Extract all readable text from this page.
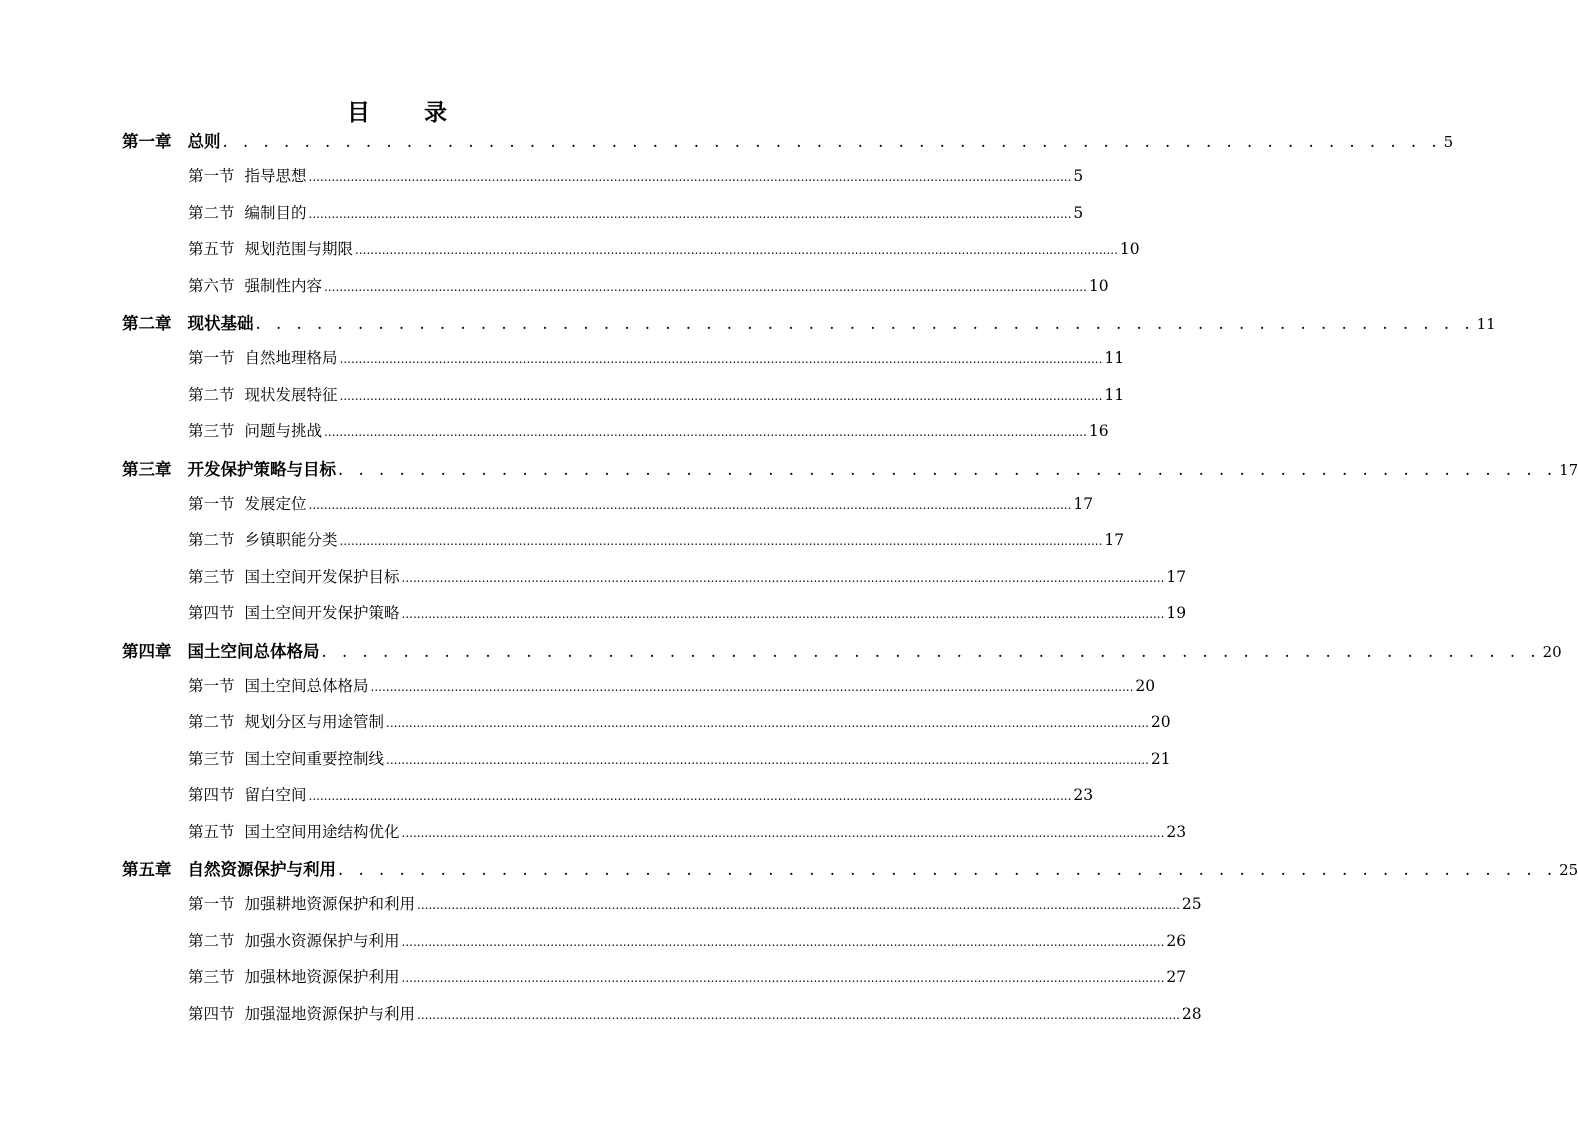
目 录
第一章 总则 . . . . . . . . . . . . . . . . . . . . . . . . . . . . . . . . . . . . . . . . . . . . . . . . . . . . . . . . . . . . 5
第一节 指导思想 ........................................................................................................................................................................................................ 5
第二节 编制目的 ........................................................................................................................................................................................................ 5
第五节 规划范围与期限 ........................................................................................................................................................................................................ 10
第六节 强制性内容 ........................................................................................................................................................................................................ 10
第二章 现状基础 . . . . . . . . . . . . . . . . . . . . . . . . . . . . . . . . . . . . . . . . . . . . . . . . . . . . . . . . . . . . 11
第一节 自然地理格局 ........................................................................................................................................................................................................ 11
第二节 现状发展特征 ........................................................................................................................................................................................................ 11
第三节 问题与挑战 ........................................................................................................................................................................................................ 16
第三章 开发保护策略与目标 . . . . . . . . . . . . . . . . . . . . . . . . . . . . . . . . . . . . . . . . . . . . . . . . . . . . . . . . . . . . 17
第一节 发展定位 ........................................................................................................................................................................................................ 17
第二节 乡镇职能分类 ........................................................................................................................................................................................................ 17
第三节 国土空间开发保护目标 ........................................................................................................................................................................................................ 17
第四节 国土空间开发保护策略 ........................................................................................................................................................................................................ 19
第四章 国土空间总体格局 . . . . . . . . . . . . . . . . . . . . . . . . . . . . . . . . . . . . . . . . . . . . . . . . . . . . . . . . . . . . 20
第一节 国土空间总体格局 ........................................................................................................................................................................................................ 20
第二节 规划分区与用途管制 ........................................................................................................................................................................................................ 20
第三节 国土空间重要控制线 ........................................................................................................................................................................................................ 21
第四节 留白空间 ........................................................................................................................................................................................................ 23
第五节 国土空间用途结构优化 ........................................................................................................................................................................................................ 23
第五章 自然资源保护与利用 . . . . . . . . . . . . . . . . . . . . . . . . . . . . . . . . . . . . . . . . . . . . . . . . . . . . . . . . . . . . 25
第一节 加强耕地资源保护和利用 ........................................................................................................................................................................................................ 25
第二节 加强水资源保护与利用 ........................................................................................................................................................................................................ 26
第三节 加强林地资源保护利用 ........................................................................................................................................................................................................ 27
第四节 加强湿地资源保护与利用 ........................................................................................................................................................................................................ 28
